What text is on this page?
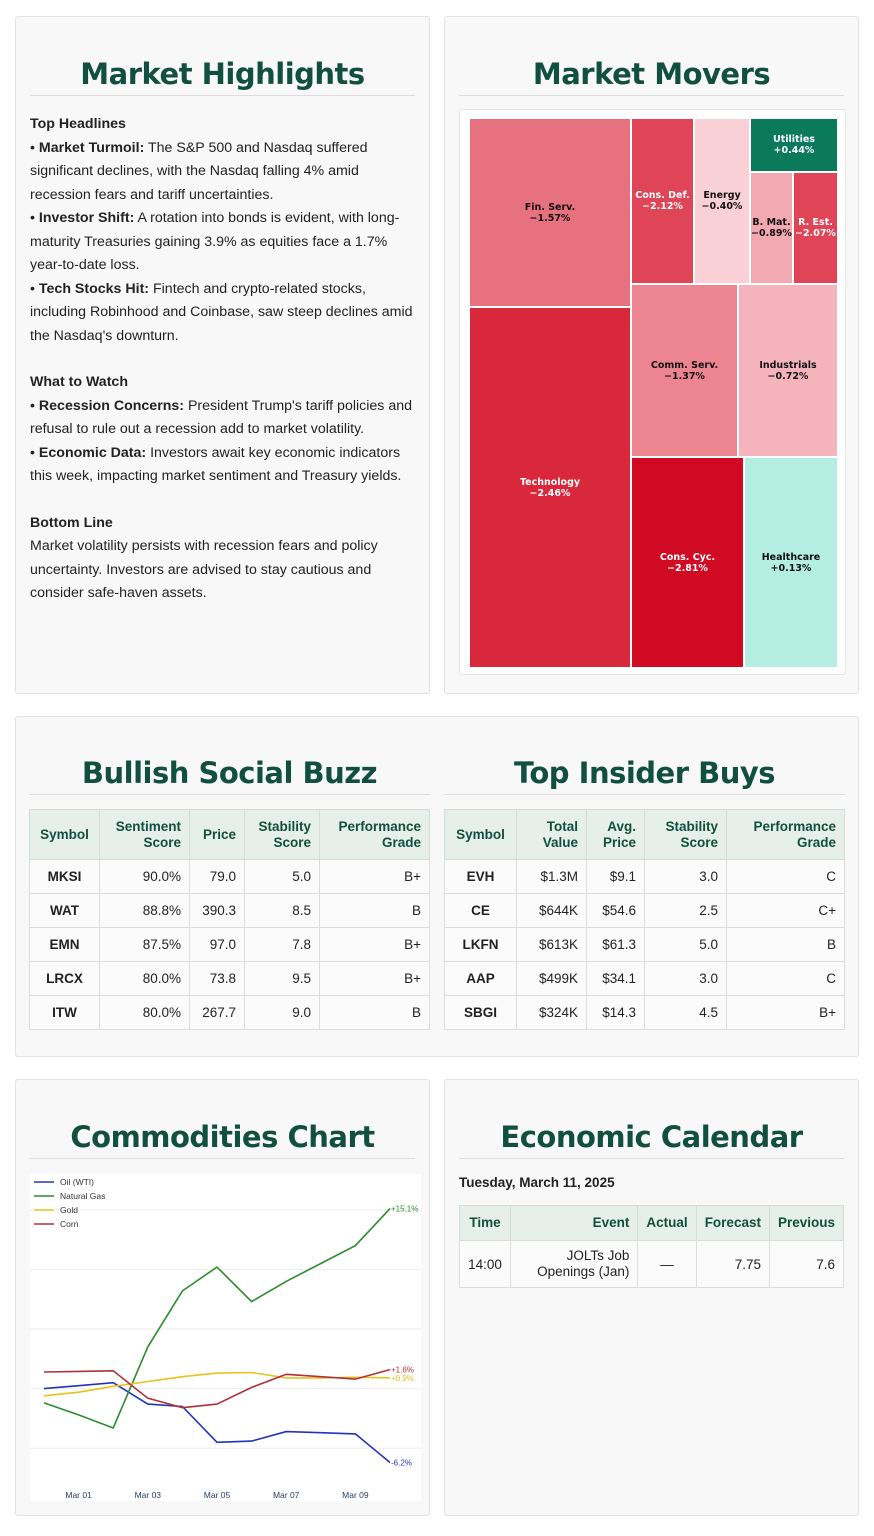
Market Highlights
Top Headlines
• Market Turmoil: The S&P 500 and Nasdaq suffered significant declines, with the Nasdaq falling 4% amid recession fears and tariff uncertainties.
• Investor Shift: A rotation into bonds is evident, with long-maturity Treasuries gaining 3.9% as equities face a 1.7% year-to-date loss.
• Tech Stocks Hit: Fintech and crypto-related stocks, including Robinhood and Coinbase, saw steep declines amid the Nasdaq's downturn.
What to Watch
• Recession Concerns: President Trump's tariff policies and refusal to rule out a recession add to market volatility.
• Economic Data: Investors await key economic indicators this week, impacting market sentiment and Treasury yields.
Bottom Line
Market volatility persists with recession fears and policy uncertainty. Investors are advised to stay cautious and consider safe-haven assets.
Market Movers
Fin. Serv.
−1.57%
Cons. Def.
−2.12%
Energy
−0.40%
Utilities
+0.44%
B. Mat.
−0.89%
R. Est.
−2.07%
Technology
−2.46%
Comm. Serv.
−1.37%
Industrials
−0.72%
Cons. Cyc.
−2.81%
Healthcare
+0.13%
Bullish Social Buzz
Symbol	Sentiment Score	Price	Stability Score	Performance Grade
MKSI	90.0%	79.0	5.0	B+
WAT	88.8%	390.3	8.5	B
EMN	87.5%	97.0	7.8	B+
LRCX	80.0%	73.8	9.5	B+
ITW	80.0%	267.7	9.0	B
Top Insider Buys
Symbol	Total Value	Avg. Price	Stability Score	Performance Grade
EVH	$1.3M	$9.1	3.0	C
CE	$644K	$54.6	2.5	C+
LKFN	$613K	$61.3	5.0	B
AAP	$499K	$34.1	3.0	C
SBGI	$324K	$14.3	4.5	B+
Commodities Chart
-6.2%
+15.1%
+0.9%
+1.6%
Mar 01	Mar 03	Mar 05	Mar 07	Mar 09
Oil (WTI)
Natural Gas
Gold
Corn
Economic Calendar
Tuesday, March 11, 2025
Time	Event	Actual	Forecast	Previous
14:00	JOLTs Job Openings (Jan)	—	7.75	7.6
